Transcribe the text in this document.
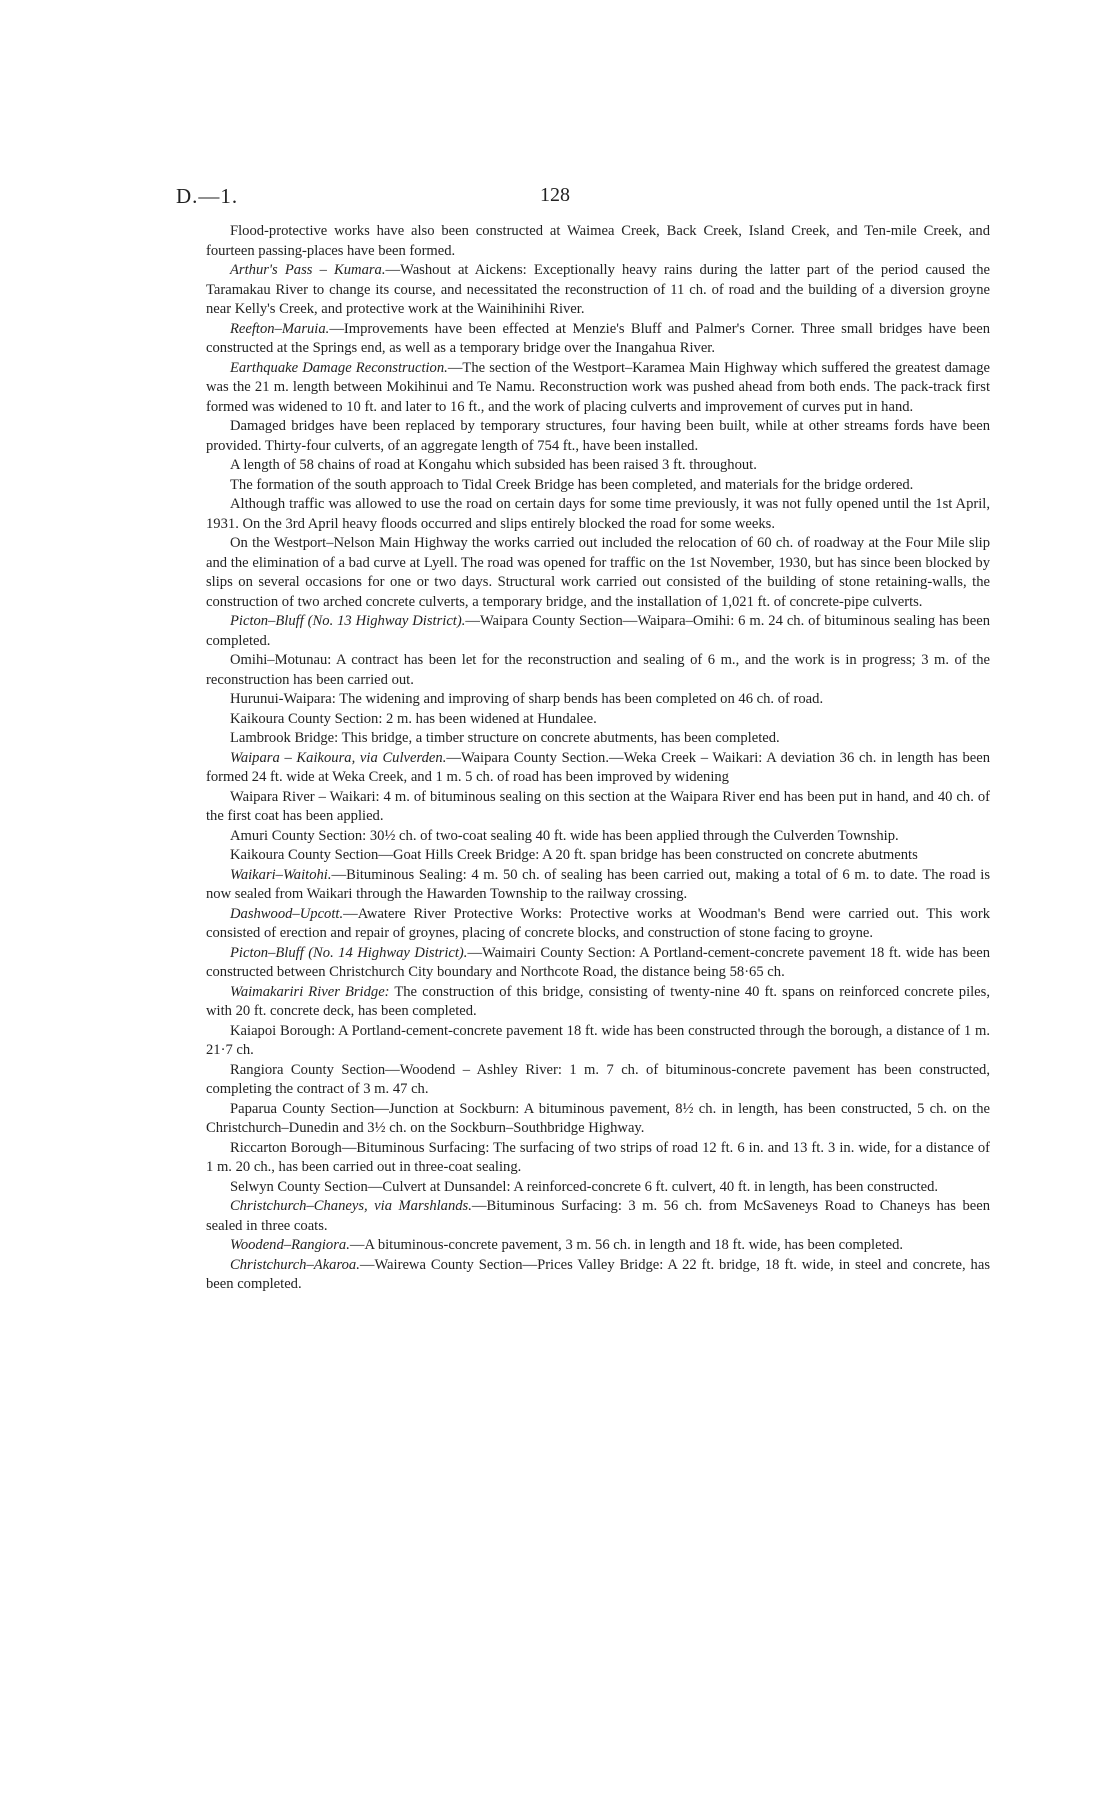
D.—1.	128

Flood-protective works have also been constructed at Waimea Creek, Back Creek, Island Creek, and Ten-mile Creek, and fourteen passing-places have been formed.

Arthur's Pass – Kumara.—Washout at Aickens: Exceptionally heavy rains during the latter part of the period caused the Taramakau River to change its course, and necessitated the reconstruction of 11 ch. of road and the building of a diversion groyne near Kelly's Creek, and protective work at the Wainihinihi River.

Reefton–Maruia.—Improvements have been effected at Menzie's Bluff and Palmer's Corner. Three small bridges have been constructed at the Springs end, as well as a temporary bridge over the Inangahua River.

Earthquake Damage Reconstruction.—The section of the Westport–Karamea Main Highway which suffered the greatest damage was the 21 m. length between Mokihinui and Te Namu. Reconstruction work was pushed ahead from both ends. The pack-track first formed was widened to 10 ft. and later to 16 ft., and the work of placing culverts and improvement of curves put in hand.

Damaged bridges have been replaced by temporary structures, four having been built, while at other streams fords have been provided. Thirty-four culverts, of an aggregate length of 754 ft., have been installed.

A length of 58 chains of road at Kongahu which subsided has been raised 3 ft. throughout.

The formation of the south approach to Tidal Creek Bridge has been completed, and materials for the bridge ordered.

Although traffic was allowed to use the road on certain days for some time previously, it was not fully opened until the 1st April, 1931. On the 3rd April heavy floods occurred and slips entirely blocked the road for some weeks.

On the Westport–Nelson Main Highway the works carried out included the relocation of 60 ch. of roadway at the Four Mile slip and the elimination of a bad curve at Lyell. The road was opened for traffic on the 1st November, 1930, but has since been blocked by slips on several occasions for one or two days. Structural work carried out consisted of the building of stone retaining-walls, the construction of two arched concrete culverts, a temporary bridge, and the installation of 1,021 ft. of concrete-pipe culverts.

Picton–Bluff (No. 13 Highway District).—Waipara County Section—Waipara–Omihi: 6 m. 24 ch. of bituminous sealing has been completed.

Omihi–Motunau: A contract has been let for the reconstruction and sealing of 6 m., and the work is in progress; 3 m. of the reconstruction has been carried out.

Hurunui-Waipara: The widening and improving of sharp bends has been completed on 46 ch. of road.

Kaikoura County Section: 2 m. has been widened at Hundalee.

Lambrook Bridge: This bridge, a timber structure on concrete abutments, has been completed.

Waipara – Kaikoura, via Culverden.—Waipara County Section.—Weka Creek – Waikari: A deviation 36 ch. in length has been formed 24 ft. wide at Weka Creek, and 1 m. 5 ch. of road has been improved by widening

Waipara River – Waikari: 4 m. of bituminous sealing on this section at the Waipara River end has been put in hand, and 40 ch. of the first coat has been applied.

Amuri County Section: 30½ ch. of two-coat sealing 40 ft. wide has been applied through the Culverden Township.

Kaikoura County Section—Goat Hills Creek Bridge: A 20 ft. span bridge has been constructed on concrete abutments

Waikari–Waitohi.—Bituminous Sealing: 4 m. 50 ch. of sealing has been carried out, making a total of 6 m. to date. The road is now sealed from Waikari through the Hawarden Township to the railway crossing.

Dashwood–Upcott.—Awatere River Protective Works: Protective works at Woodman's Bend were carried out. This work consisted of erection and repair of groynes, placing of concrete blocks, and construction of stone facing to groyne.

Picton–Bluff (No. 14 Highway District).—Waimairi County Section: A Portland-cement-concrete pavement 18 ft. wide has been constructed between Christchurch City boundary and Northcote Road, the distance being 58·65 ch.

Waimakariri River Bridge: The construction of this bridge, consisting of twenty-nine 40 ft. spans on reinforced concrete piles, with 20 ft. concrete deck, has been completed.

Kaiapoi Borough: A Portland-cement-concrete pavement 18 ft. wide has been constructed through the borough, a distance of 1 m. 21·7 ch.

Rangiora County Section—Woodend – Ashley River: 1 m. 7 ch. of bituminous-concrete pavement has been constructed, completing the contract of 3 m. 47 ch.

Paparua County Section—Junction at Sockburn: A bituminous pavement, 8½ ch. in length, has been constructed, 5 ch. on the Christchurch–Dunedin and 3½ ch. on the Sockburn–Southbridge Highway.

Riccarton Borough—Bituminous Surfacing: The surfacing of two strips of road 12 ft. 6 in. and 13 ft. 3 in. wide, for a distance of 1 m. 20 ch., has been carried out in three-coat sealing.

Selwyn County Section—Culvert at Dunsandel: A reinforced-concrete 6 ft. culvert, 40 ft. in length, has been constructed.

Christchurch–Chaneys, via Marshlands.—Bituminous Surfacing: 3 m. 56 ch. from McSaveneys Road to Chaneys has been sealed in three coats.

Woodend–Rangiora.—A bituminous-concrete pavement, 3 m. 56 ch. in length and 18 ft. wide, has been completed.

Christchurch–Akaroa.—Wairewa County Section—Prices Valley Bridge: A 22 ft. bridge, 18 ft. wide, in steel and concrete, has been completed.
